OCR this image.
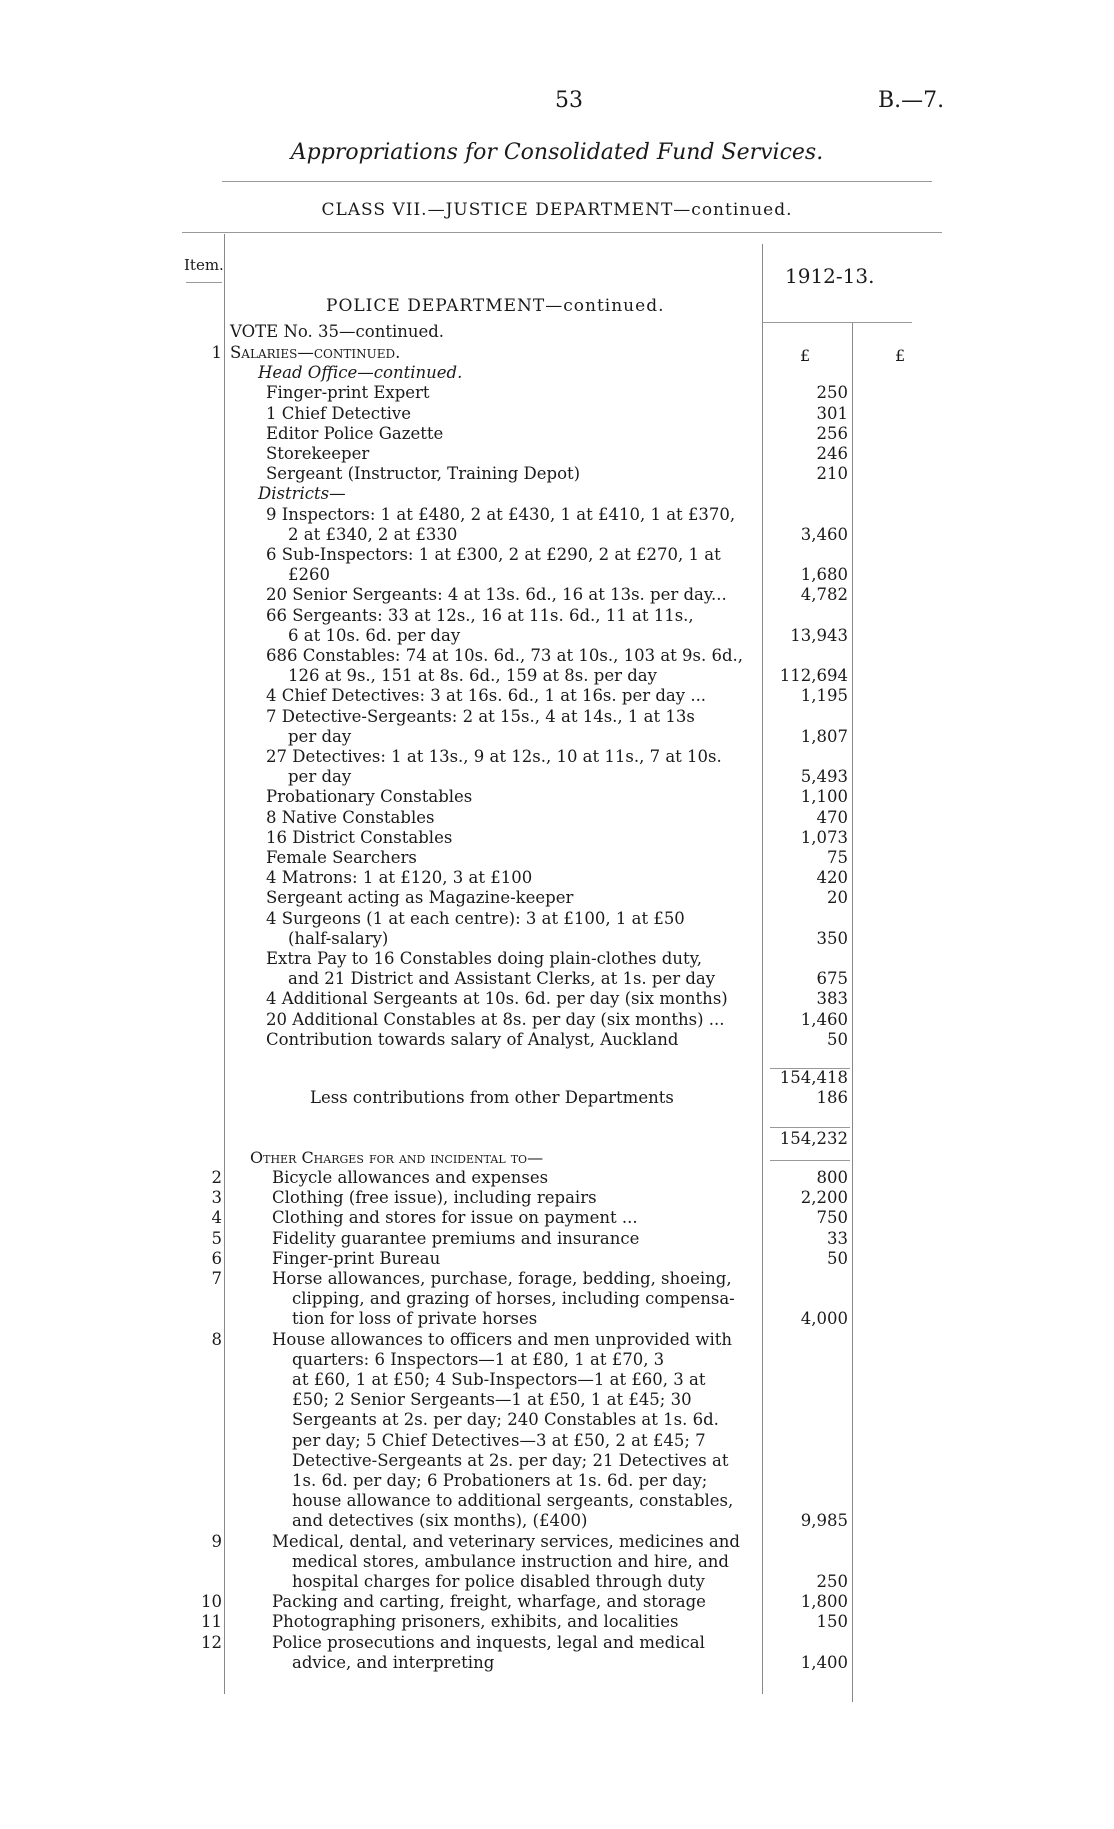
53	B.—7.
Appropriations for Consolidated Fund Services.
CLASS VII.—JUSTICE DEPARTMENT—continued.
Item.	1912-13.
POLICE DEPARTMENT—continued.
VOTE No. 35—continued.
£	£
1 Salaries—continued.
Head Office—continued.
Finger-print Expert	250
1 Chief Detective	301
Editor Police Gazette	256
Storekeeper	246
Sergeant (Instructor, Training Depot)	210
Districts—
9 Inspectors: 1 at £480, 2 at £430, 1 at £410, 1 at £370,
2 at £340, 2 at £330	3,460
6 Sub-Inspectors: 1 at £300, 2 at £290, 2 at £270, 1 at
£260	1,680
20 Senior Sergeants: 4 at 13s. 6d., 16 at 13s. per day...	4,782
66 Sergeants: 33 at 12s., 16 at 11s. 6d., 11 at 11s.,
6 at 10s. 6d. per day	13,943
686 Constables: 74 at 10s. 6d., 73 at 10s., 103 at 9s. 6d.,
126 at 9s., 151 at 8s. 6d., 159 at 8s. per day	112,694
4 Chief Detectives: 3 at 16s. 6d., 1 at 16s. per day ...	1,195
7 Detective-Sergeants: 2 at 15s., 4 at 14s., 1 at 13s
per day	1,807
27 Detectives: 1 at 13s., 9 at 12s., 10 at 11s., 7 at 10s.
per day	5,493
Probationary Constables	1,100
8 Native Constables	470
16 District Constables	1,073
Female Searchers	75
4 Matrons: 1 at £120, 3 at £100	420
Sergeant acting as Magazine-keeper	20
4 Surgeons (1 at each centre): 3 at £100, 1 at £50
(half-salary)	350
Extra Pay to 16 Constables doing plain-clothes duty,
and 21 District and Assistant Clerks, at 1s. per day	675
4 Additional Sergeants at 10s. 6d. per day (six months)	383
20 Additional Constables at 8s. per day (six months) ...	1,460
Contribution towards salary of Analyst, Auckland	50
154,418
Less contributions from other Departments	186
154,232
Other Charges for and incidental to—
2	Bicycle allowances and expenses	800
3	Clothing (free issue), including repairs	2,200
4	Clothing and stores for issue on payment ...	750
5	Fidelity guarantee premiums and insurance	33
6	Finger-print Bureau	50
7	Horse allowances, purchase, forage, bedding, shoeing,
clipping, and grazing of horses, including compensa-
tion for loss of private horses	4,000
8	House allowances to officers and men unprovided with
quarters: 6 Inspectors—1 at £80, 1 at £70, 3
at £60, 1 at £50; 4 Sub-Inspectors—1 at £60, 3 at
£50; 2 Senior Sergeants—1 at £50, 1 at £45; 30
Sergeants at 2s. per day; 240 Constables at 1s. 6d.
per day; 5 Chief Detectives—3 at £50, 2 at £45; 7
Detective-Sergeants at 2s. per day; 21 Detectives at
1s. 6d. per day; 6 Probationers at 1s. 6d. per day;
house allowance to additional sergeants, constables,
and detectives (six months), (£400)	9,985
9	Medical, dental, and veterinary services, medicines and
medical stores, ambulance instruction and hire, and
hospital charges for police disabled through duty	250
10	Packing and carting, freight, wharfage, and storage	1,800
11	Photographing prisoners, exhibits, and localities	150
12	Police prosecutions and inquests, legal and medical
advice, and interpreting	1,400
